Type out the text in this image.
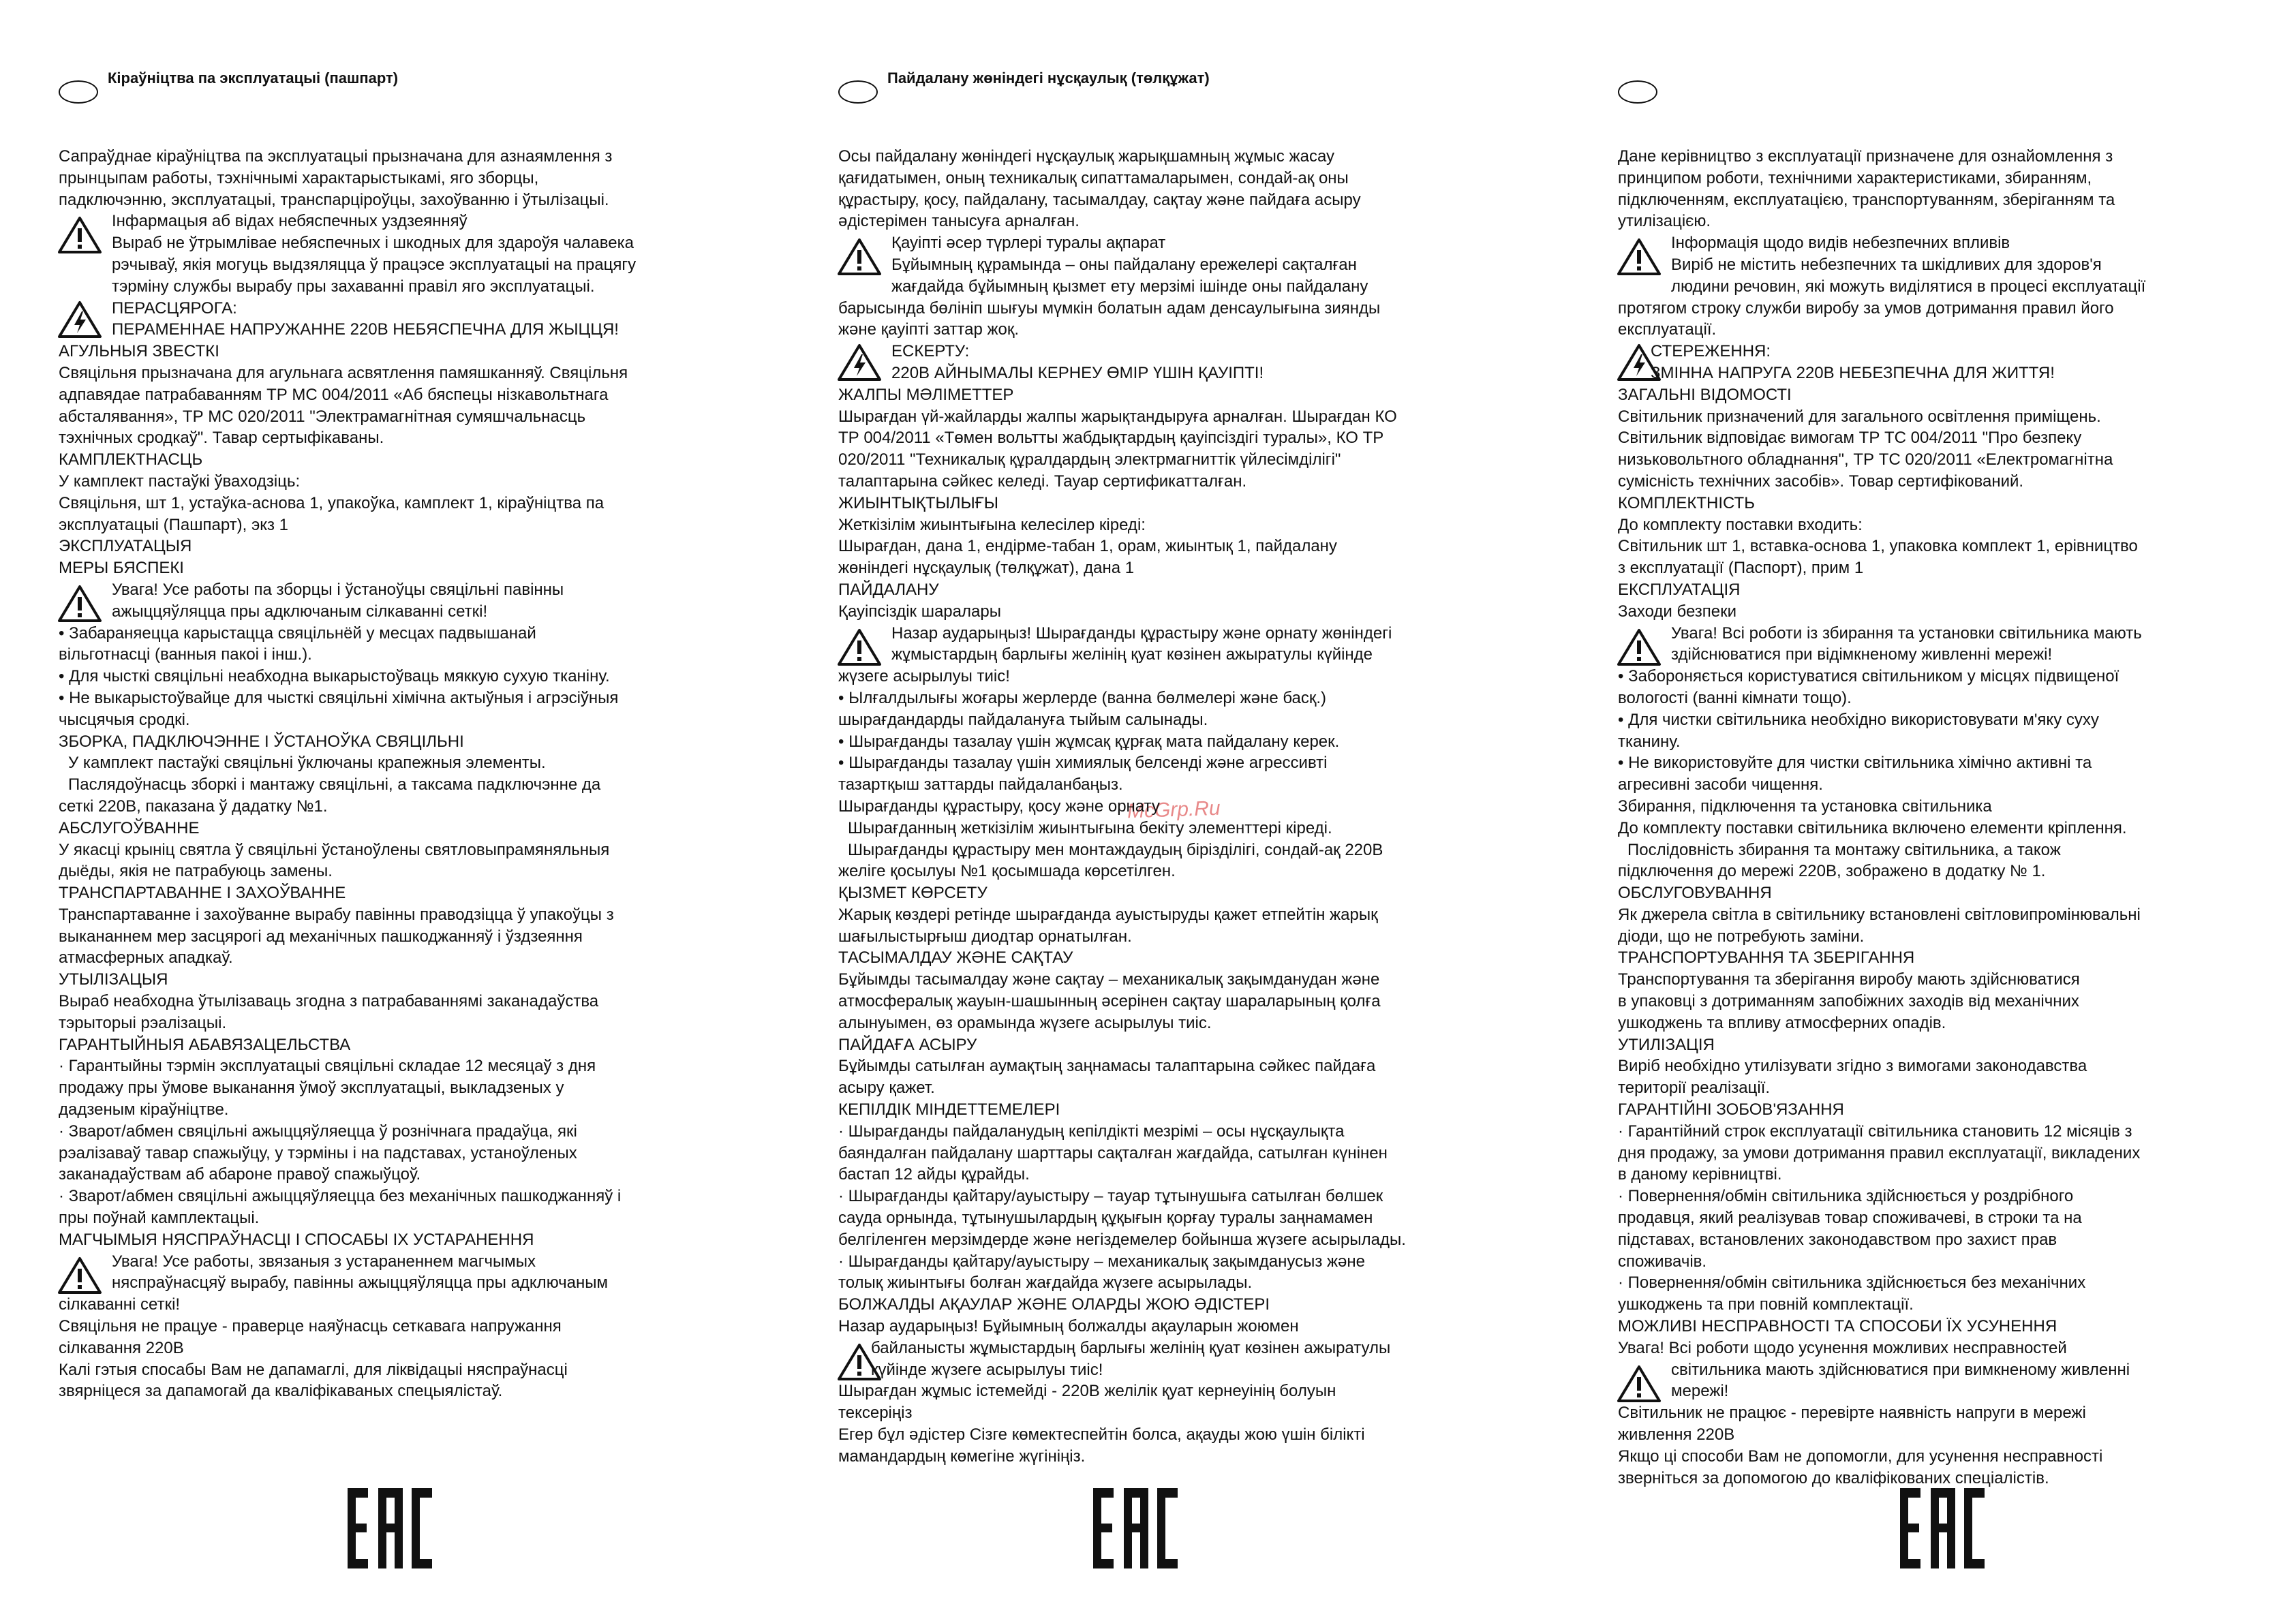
McGrp.Ru
Кіраўніцтва па эксплуатацыі (пашпарт)
Сапраўднае кіраўніцтва па эксплуатацыі прызначана для азнаямлення з
прынцыпам работы, тэхнічнымі характарыстыкамі, яго зборцы,
падключэнню, эксплуатацыі, транспарціроўцы, захоўванню і ўтылізацыі.
Інфармацыя аб відах небяспечных уздзеянняў
Выраб не ўтрымлівае небяспечных і шкодных для здароўя чалавека
рэчываў, якія могуць выдзяляцца ў працэсе эксплуатацыі на працягу
тэрміну службы вырабу пры захаванні правіл яго эксплуатацыі.
ПЕРАСЦЯРОГА:
ПЕРАМЕННАЕ НАПРУЖАННЕ 220В НЕБЯСПЕЧНА ДЛЯ ЖЫЦЦЯ!
АГУЛЬНЫЯ ЗВЕСТКІ
Свяцільня прызначана для агульнага асвятлення памяшканняў. Свяцільня
адпавядае патрабаванням ТР МС 004/2011 «Аб бяспецы нізкавольтнага
абсталявання», ТР МС 020/2011 "Электрамагнітная сумяшчальнасць
тэхнічных сродкаў". Тавар сертыфікаваны.
КАМПЛЕКТНАСЦЬ
У камплект пастаўкі ўваходзіць:
Свяцільня, шт 1, устаўка-аснова 1, упакоўка, камплект 1, кіраўніцтва па
эксплуатацыі (Пашпарт), экз 1
ЭКСПЛУАТАЦЫЯ
МЕРЫ БЯСПЕКІ
Увага! Усе работы па зборцы і ўстаноўцы свяцільні павінны
ажыццяўляцца пры адключаным сілкаванні сеткі!
• Забараняецца карыстацца свяцільнёй у месцах падвышанай
вільготнасці (ванныя пакоі і інш.).
• Для чысткі свяцільні неабходна выкарыстоўваць мяккую сухую тканіну.
• Не выкарыстоўвайце для чысткі свяцільні хімічна актыўныя і агрэсіўныя
чысцячыя сродкі.
ЗБОРКА, ПАДКЛЮЧЭННЕ І ЎСТАНОЎКА СВЯЦІЛЬНІ
У камплект пастаўкі свяцільні ўключаны крапежныя элементы.
Паслядоўнасць зборкі і мантажу свяцільні, а таксама падключэнне да
сеткі 220В, паказана ў дадатку №1.
АБСЛУГОЎВАННЕ
У якасці крыніц святла ў свяцільні ўстаноўлены святловыпрамяняльныя
дыёды, якія не патрабуюць замены.
ТРАНСПАРТАВАННЕ І ЗАХОЎВАННЕ
Транспартаванне і захоўванне вырабу павінны праводзіцца ў упакоўцы з
выкананнем мер засцярогі ад механічных пашкоджанняў і ўздзеяння
атмасферных ападкаў.
УТЫЛІЗАЦЫЯ
Выраб неабходна ўтылізаваць згодна з патрабаваннямі заканадаўства
тэрыторыі рэалізацыі.
ГАРАНТЫЙНЫЯ АБАВЯЗАЦЕЛЬСТВА
· Гарантыйны тэрмін эксплуатацыі свяцільні складае 12 месяцаў з дня
продажу пры ўмове выканання ўмоў эксплуатацыі, выкладзеных у
дадзеным кіраўніцтве.
· Зварот/абмен свяцільні ажыццяўляецца ў рознічнага прадаўца, які
рэалізаваў тавар спажыўцу, у тэрміны і на падставах, устаноўленых
заканадаўствам аб абароне правоў спажыўцоў.
· Зварот/абмен свяцільні ажыццяўляецца без механічных пашкоджанняў і
пры поўнай камплектацыі.
МАГЧЫМЫЯ НЯСПРАЎНАСЦІ І СПОСАБЫ ІХ УСТАРАНЕННЯ
Увага! Усе работы, звязаныя з устараненнем магчымых
няспраўнасцяў вырабу, павінны ажыццяўляцца пры адключаным
сілкаванні сеткі!
Свяцільня не працуе - праверце наяўнасць сеткавага напружання
сілкавання 220В
Калі гэтыя спосабы Вам не дапамаглі, для ліквідацыі няспраўнасці
звярніцеся за дапамогай да кваліфікаваных спецыялістаў.
Пайдалану жөніндегі нұсқаулық (төлқұжат)
Осы пайдалану жөніндегі нұсқаулық жарықшамның жұмыс жасау
қағидатымен, оның техникалық сипаттамаларымен, сондай-ақ оны
құрастыру, қосу, пайдалану, тасымалдау, сақтау және пайдаға асыру
әдістерімен танысуға арналған.
Қауіпті әсер түрлері туралы ақпарат
Бұйымның құрамында – оны пайдалану ережелері сақталған
жағдайда бұйымның қызмет ету мерзімі ішінде оны пайдалану
барысында бөлініп шығуы мүмкін болатын адам денсаулығына зиянды
және қауіпті заттар жоқ.
ЕСКЕРТУ:
220В АЙНЫМАЛЫ КЕРНЕУ ӨМІР ҮШІН ҚАУІПТІ!
ЖАЛПЫ МӘЛІМЕТТЕР
Шырағдан үй-жайларды жалпы жарықтандыруға арналған. Шырағдан КО
ТР 004/2011 «Төмен вольтты жабдықтардың қауіпсіздігі туралы», КО ТР
020/2011 "Техникалық құралдардың электрмагниттік үйлесімділігі"
талаптарына сәйкес келеді. Тауар сертификатталған.
ЖИЫНТЫҚТЫЛЫҒЫ
Жеткізілім жиынтығына келесілер кіреді:
Шырағдан, дана 1, ендірме-табан 1, орам, жиынтық 1, пайдалану
жөніндегі нұсқаулық (төлқұжат), дана 1
ПАЙДАЛАНУ
Қауіпсіздік шаралары
Назар аударыңыз! Шырағданды құрастыру және орнату жөніндегі
жұмыстардың барлығы желінің қуат көзінен ажыратулы күйінде
жүзеге асырылуы тиіс!
• Ылғалдылығы жоғары жерлерде (ванна бөлмелері және басқ.)
шырағдандарды пайдалануға тыйым салынады.
• Шырағданды тазалау үшін жұмсақ құрғақ мата пайдалану керек.
• Шырағданды тазалау үшін химиялық белсенді және агрессивті
тазартқыш заттарды пайдаланбаңыз.
Шырағданды құрастыру, қосу және орнату
Шырағданның жеткізілім жиынтығына бекіту элементтері кіреді.
Шырағданды құрастыру мен монтаждаудың бірізділігі, сондай-ақ 220В
желіге қосылуы №1 қосымшада көрсетілген.
ҚЫЗМЕТ КӨРСЕТУ
Жарық көздері ретінде шырағданда ауыстыруды қажет етпейтін жарық
шағылыстырғыш диодтар орнатылған.
ТАСЫМАЛДАУ ЖӘНЕ САҚТАУ
Бұйымды тасымалдау және сақтау – механикалық зақымданудан және
атмосфералық жауын-шашынның әсерінен сақтау шараларының қолға
алынуымен, өз орамында жүзеге асырылуы тиіс.
ПАЙДАҒА АСЫРУ
Бұйымды сатылған аумақтың заңнамасы талаптарына сәйкес пайдаға
асыру қажет.
КЕПІЛДІК МІНДЕТТЕМЕЛЕРІ
· Шырағданды пайдаланудың кепілдікті мезрімі – осы нұсқаулықта
баяндалған пайдалану шарттары сақталған жағдайда, сатылған күнінен
бастап 12 айды құрайды.
· Шырағданды қайтару/ауыстыру – тауар тұтынушыға сатылған бөлшек
сауда орнында, тұтынушылардың құқығын қорғау туралы заңнамамен
белгіленген мерзімдерде және негіздемелер бойынша жүзеге асырылады.
· Шырағданды қайтару/ауыстыру – механикалық зақымданусыз және
толық жиынтығы болған жағдайда жүзеге асырылады.
БОЛЖАЛДЫ АҚАУЛАР ЖӘНЕ ОЛАРДЫ ЖОЮ ӘДІСТЕРІ
Назар аударыңыз! Бұйымның болжалды ақауларын жоюмен
байланысты жұмыстардың барлығы желінің қуат көзінен ажыратулы
күйінде жүзеге асырылуы тиіс!
Шырағдан жұмыс істемейді - 220В желілік қуат кернеуінің болуын
тексеріңіз
Егер бұл әдістер Сізге көмектеспейтін болса, ақауды жою үшін білікті
мамандардың көмегіне жүгініңіз.
Дане керівництво з експлуатації призначене для ознайомлення з
принципом роботи, технічними характеристиками, збиранням,
підключенням, експлуатацією, транспортуванням, зберіганням та
утилізацією.
Інформація щодо видів небезпечних впливів
Виріб не містить небезпечних та шкідливих для здоров'я
людини речовин, які можуть виділятися в процесі експлуатації
протягом строку служби виробу за умов дотримання правил його
експлуатації.
СТЕРЕЖЕННЯ:
ЗМІННА НАПРУГА 220В НЕБЕЗПЕЧНА ДЛЯ ЖИТТЯ!
ЗАГАЛЬНІ ВІДОМОСТІ
Світильник призначений для загального освітлення приміщень.
Світильник відповідає вимогам ТР ТС 004/2011 "Про безпеку
низьковольтного обладнання", ТР ТС 020/2011 «Електромагнітна
сумісність технічних засобів». Товар сертифікований.
КОМПЛЕКТНІСТЬ
До комплекту поставки входить:
Світильник шт 1, вставка-основа 1, упаковка комплект 1, ерівництво
з експлуатації (Паспорт), прим 1
ЕКСПЛУАТАЦІЯ
Заходи безпеки
Увага! Всі роботи із збирання та установки світильника мають
здійснюватися при відімкненому живленні мережі!
• Забороняється користуватися світильником у місцях підвищеної
вологості (ванні кімнати тощо).
• Для чистки світильника необхідно використовувати м'яку суху
тканину.
• Не використовуйте для чистки світильника хімічно активні та
агресивні засоби чищення.
Збирання, підключення та установка світильника
До комплекту поставки світильника включено елементи кріплення.
Послідовність збирання та монтажу світильника, а також
підключення до мережі 220В, зображено в додатку № 1.
ОБСЛУГОВУВАННЯ
Як джерела світла в світильнику встановлені світловипромінювальні
діоди, що не потребують заміни.
ТРАНСПОРТУВАННЯ ТА ЗБЕРІГАННЯ
Транспортування та зберігання виробу мають здійснюватися
в упаковці з дотриманням запобіжних заходів від механічних
ушкоджень та впливу атмосферних опадів.
УТИЛІЗАЦІЯ
Виріб необхідно утилізувати згідно з вимогами законодавства
території реалізації.
ГАРАНТІЙНІ ЗОБОВ'ЯЗАННЯ
· Гарантійний строк експлуатації світильника становить 12 місяців з
дня продажу, за умови дотримання правил експлуатації, викладених
в даному керівництві.
· Повернення/обмін світильника здійснюється у роздрібного
продавця, який реалізував товар споживачеві, в строки та на
підставах, встановлених законодавством про захист прав
споживачів.
· Повернення/обмін світильника здійснюється без механічних
ушкоджень та при повній комплектації.
МОЖЛИВІ НЕСПРАВНОСТІ ТА СПОСОБИ ЇХ УСУНЕННЯ
Увага! Всі роботи щодо усунення можливих несправностей
світильника мають здійснюватися при вимкненому живленні
мережі!
Світильник не працює - перевірте наявність напруги в мережі
живлення 220В
Якщо ці способи Вам не допомогли, для усунення несправності
зверніться за допомогою до кваліфікованих спеціалістів.
